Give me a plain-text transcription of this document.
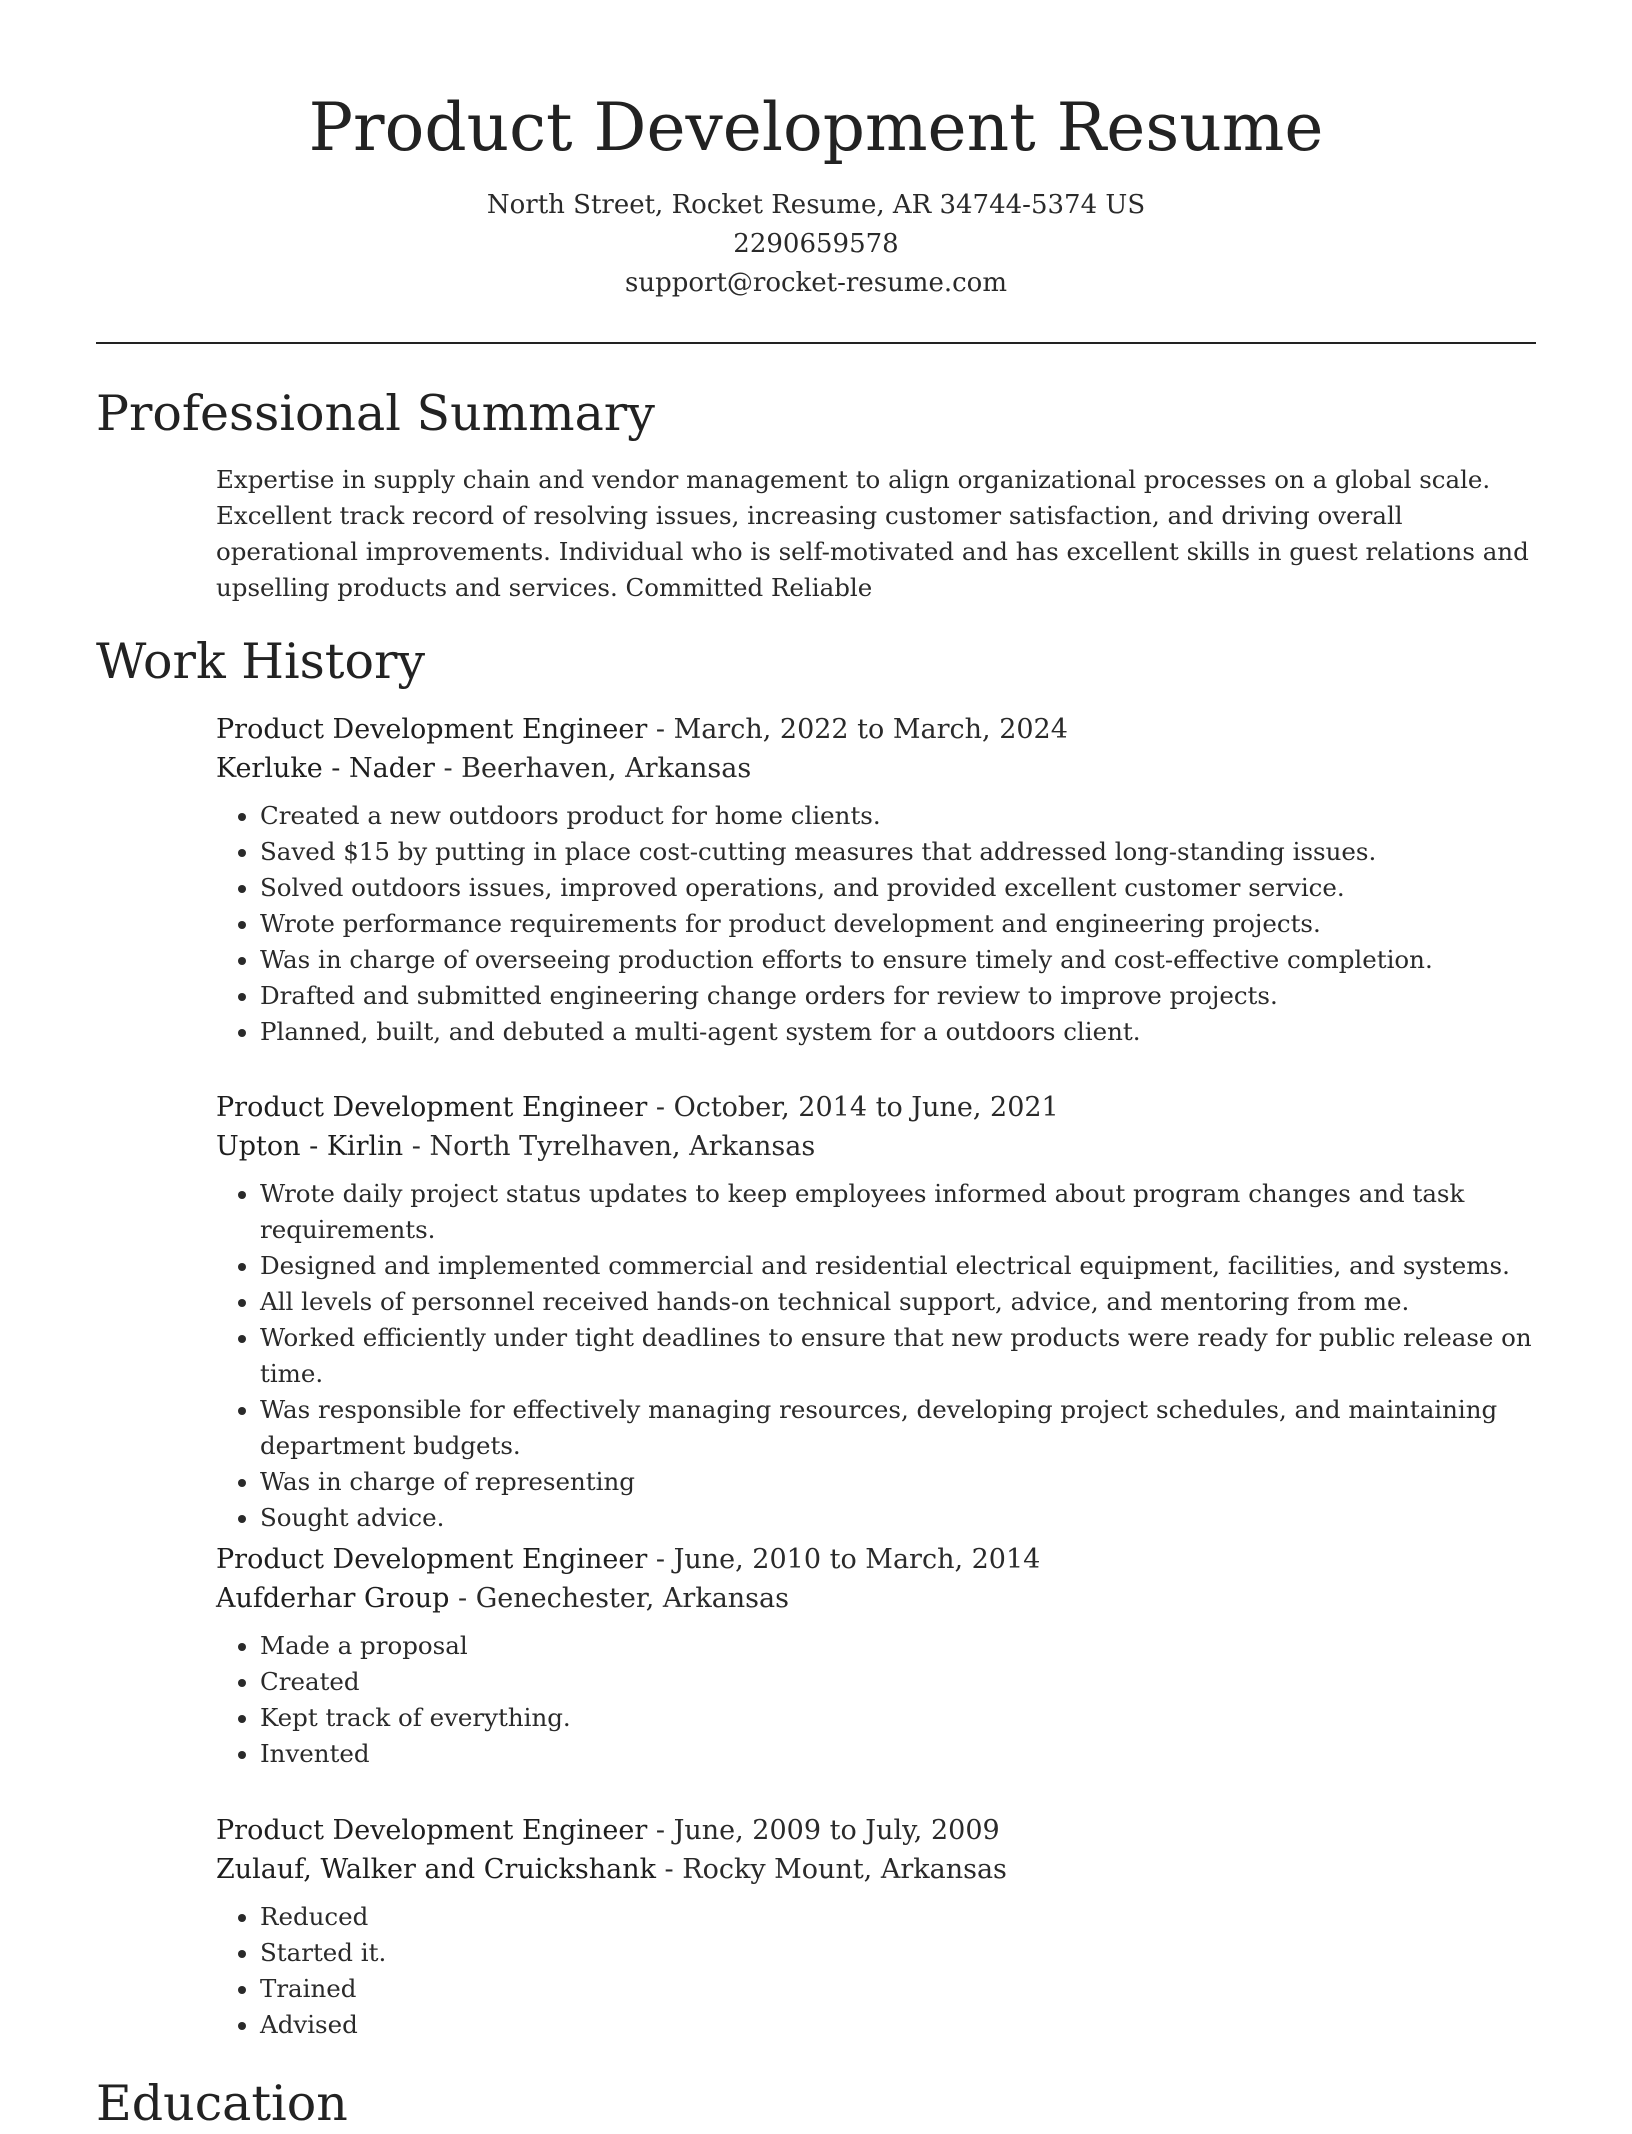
Product Development Resume
North Street, Rocket Resume, AR 34744-5374 US
2290659578
support@rocket-resume.com
Professional Summary

Expertise in supply chain and vendor management to align organizational processes on a global scale. Excellent track record of resolving issues, increasing customer satisfaction, and driving overall operational improvements. Individual who is self-motivated and has excellent skills in guest relations and upselling products and services. Committed Reliable

Work History
Product Development Engineer - March, 2022 to March, 2024
Kerluke - Nader - Beerhaven, Arkansas
• Created a new outdoors product for home clients.
• Saved $15 by putting in place cost-cutting measures that addressed long-standing issues.
• Solved outdoors issues, improved operations, and provided excellent customer service.
• Wrote performance requirements for product development and engineering projects.
• Was in charge of overseeing production efforts to ensure timely and cost-effective completion.
• Drafted and submitted engineering change orders for review to improve projects.
• Planned, built, and debuted a multi-agent system for a outdoors client.
Product Development Engineer - October, 2014 to June, 2021
Upton - Kirlin - North Tyrelhaven, Arkansas
• Wrote daily project status updates to keep employees informed about program changes and task requirements.
• Designed and implemented commercial and residential electrical equipment, facilities, and systems.
• All levels of personnel received hands-on technical support, advice, and mentoring from me.
• Worked efficiently under tight deadlines to ensure that new products were ready for public release on time.
• Was responsible for effectively managing resources, developing project schedules, and maintaining department budgets.
• Was in charge of representing
• Sought advice.
Product Development Engineer - June, 2010 to March, 2014
Aufderhar Group - Genechester, Arkansas
• Made a proposal
• Created
• Kept track of everything.
• Invented
Product Development Engineer - June, 2009 to July, 2009
Zulauf, Walker and Cruickshank - Rocky Mount, Arkansas
• Reduced
• Started it.
• Trained
• Advised
Education
